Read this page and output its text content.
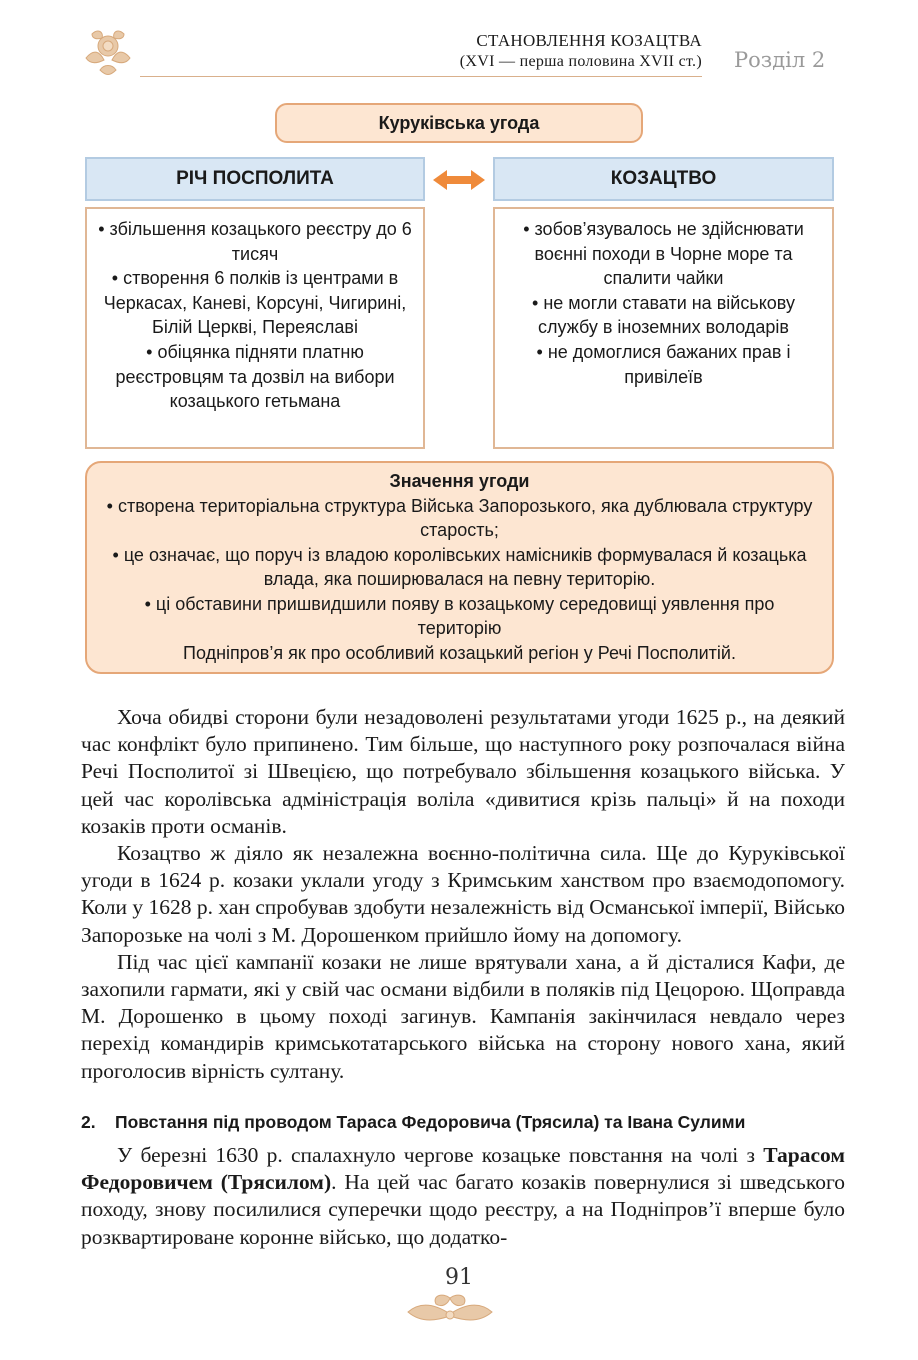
СТАНОВЛЕННЯ КОЗАЦТВА
(XVI — перша половина XVII ст.) Розділ 2
Куруківська угода
РІЧ ПОСПОЛИТА	КОЗАЦТВО

• збільшення козацького реєстру до 6 тисяч

• створення 6 полків із центрами в Черкасах, Каневі, Корсуні, Чигирині, Білій Церкві, Переяславі

• обіцянка підняти платню реєстровцям та дозвіл на вибори козацького гетьмана

• зобов’язувалось не здійснювати воєнні походи в Чорне море та спалити чайки

• не могли ставати на військову службу в іноземних володарів

• не домоглися бажаних прав і привілеїв

Значення угоди

• створена територіальна структура Війська Запорозького, яка дублювала структуру старость;

• це означає, що поруч із владою королівських намісників формувалася й козацька влада, яка поширювалася на певну територію.

• ці обставини пришвидшили появу в козацькому середовищі уявлення про територію

Подніпров’я як про особливий козацький регіон у Речі Посполитій.

Хоча обидві сторони були незадоволені результатами угоди 1625 р., на деякий час конфлікт було припинено. Тим більше, що наступного року розпочалася війна Речі Посполитої зі Швецією, що потребувало збільшення козацького війська. У цей час королівська адміністрація воліла «дивитися крізь пальці» й на походи козаків проти османів.

Козацтво ж діяло як незалежна воєнно-політична сила. Ще до Куруківської угоди в 1624 р. козаки уклали угоду з Кримським ханством про взаємодопомогу. Коли у 1628 р. хан спробував здобути незалежність від Османської імперії, Військо Запорозьке на чолі з М. Дорошенком прийшло йому на допомогу.

Під час цієї кампанії козаки не лише врятували хана, а й дісталися Кафи, де захопили гармати, які у свій час османи відбили в поляків під Цецорою. Щоправда М. Дорошенко в цьому поході загинув. Кампанія закінчилася невдало через перехід командирів кримськотатарського війська на сторону нового хана, який проголосив вірність султану.

2. Повстання під проводом Тараса Федоровича (Трясила) та Івана Сулими

У березні 1630 р. спалахнуло чергове козацьке повстання на чолі з Тарасом Федоровичем (Трясилом). На цей час багато козаків повернулися зі шведського походу, знову посилилися суперечки щодо реєстру, а на Подніпров’ї вперше було розквартироване коронне військо, що додатко-

91
